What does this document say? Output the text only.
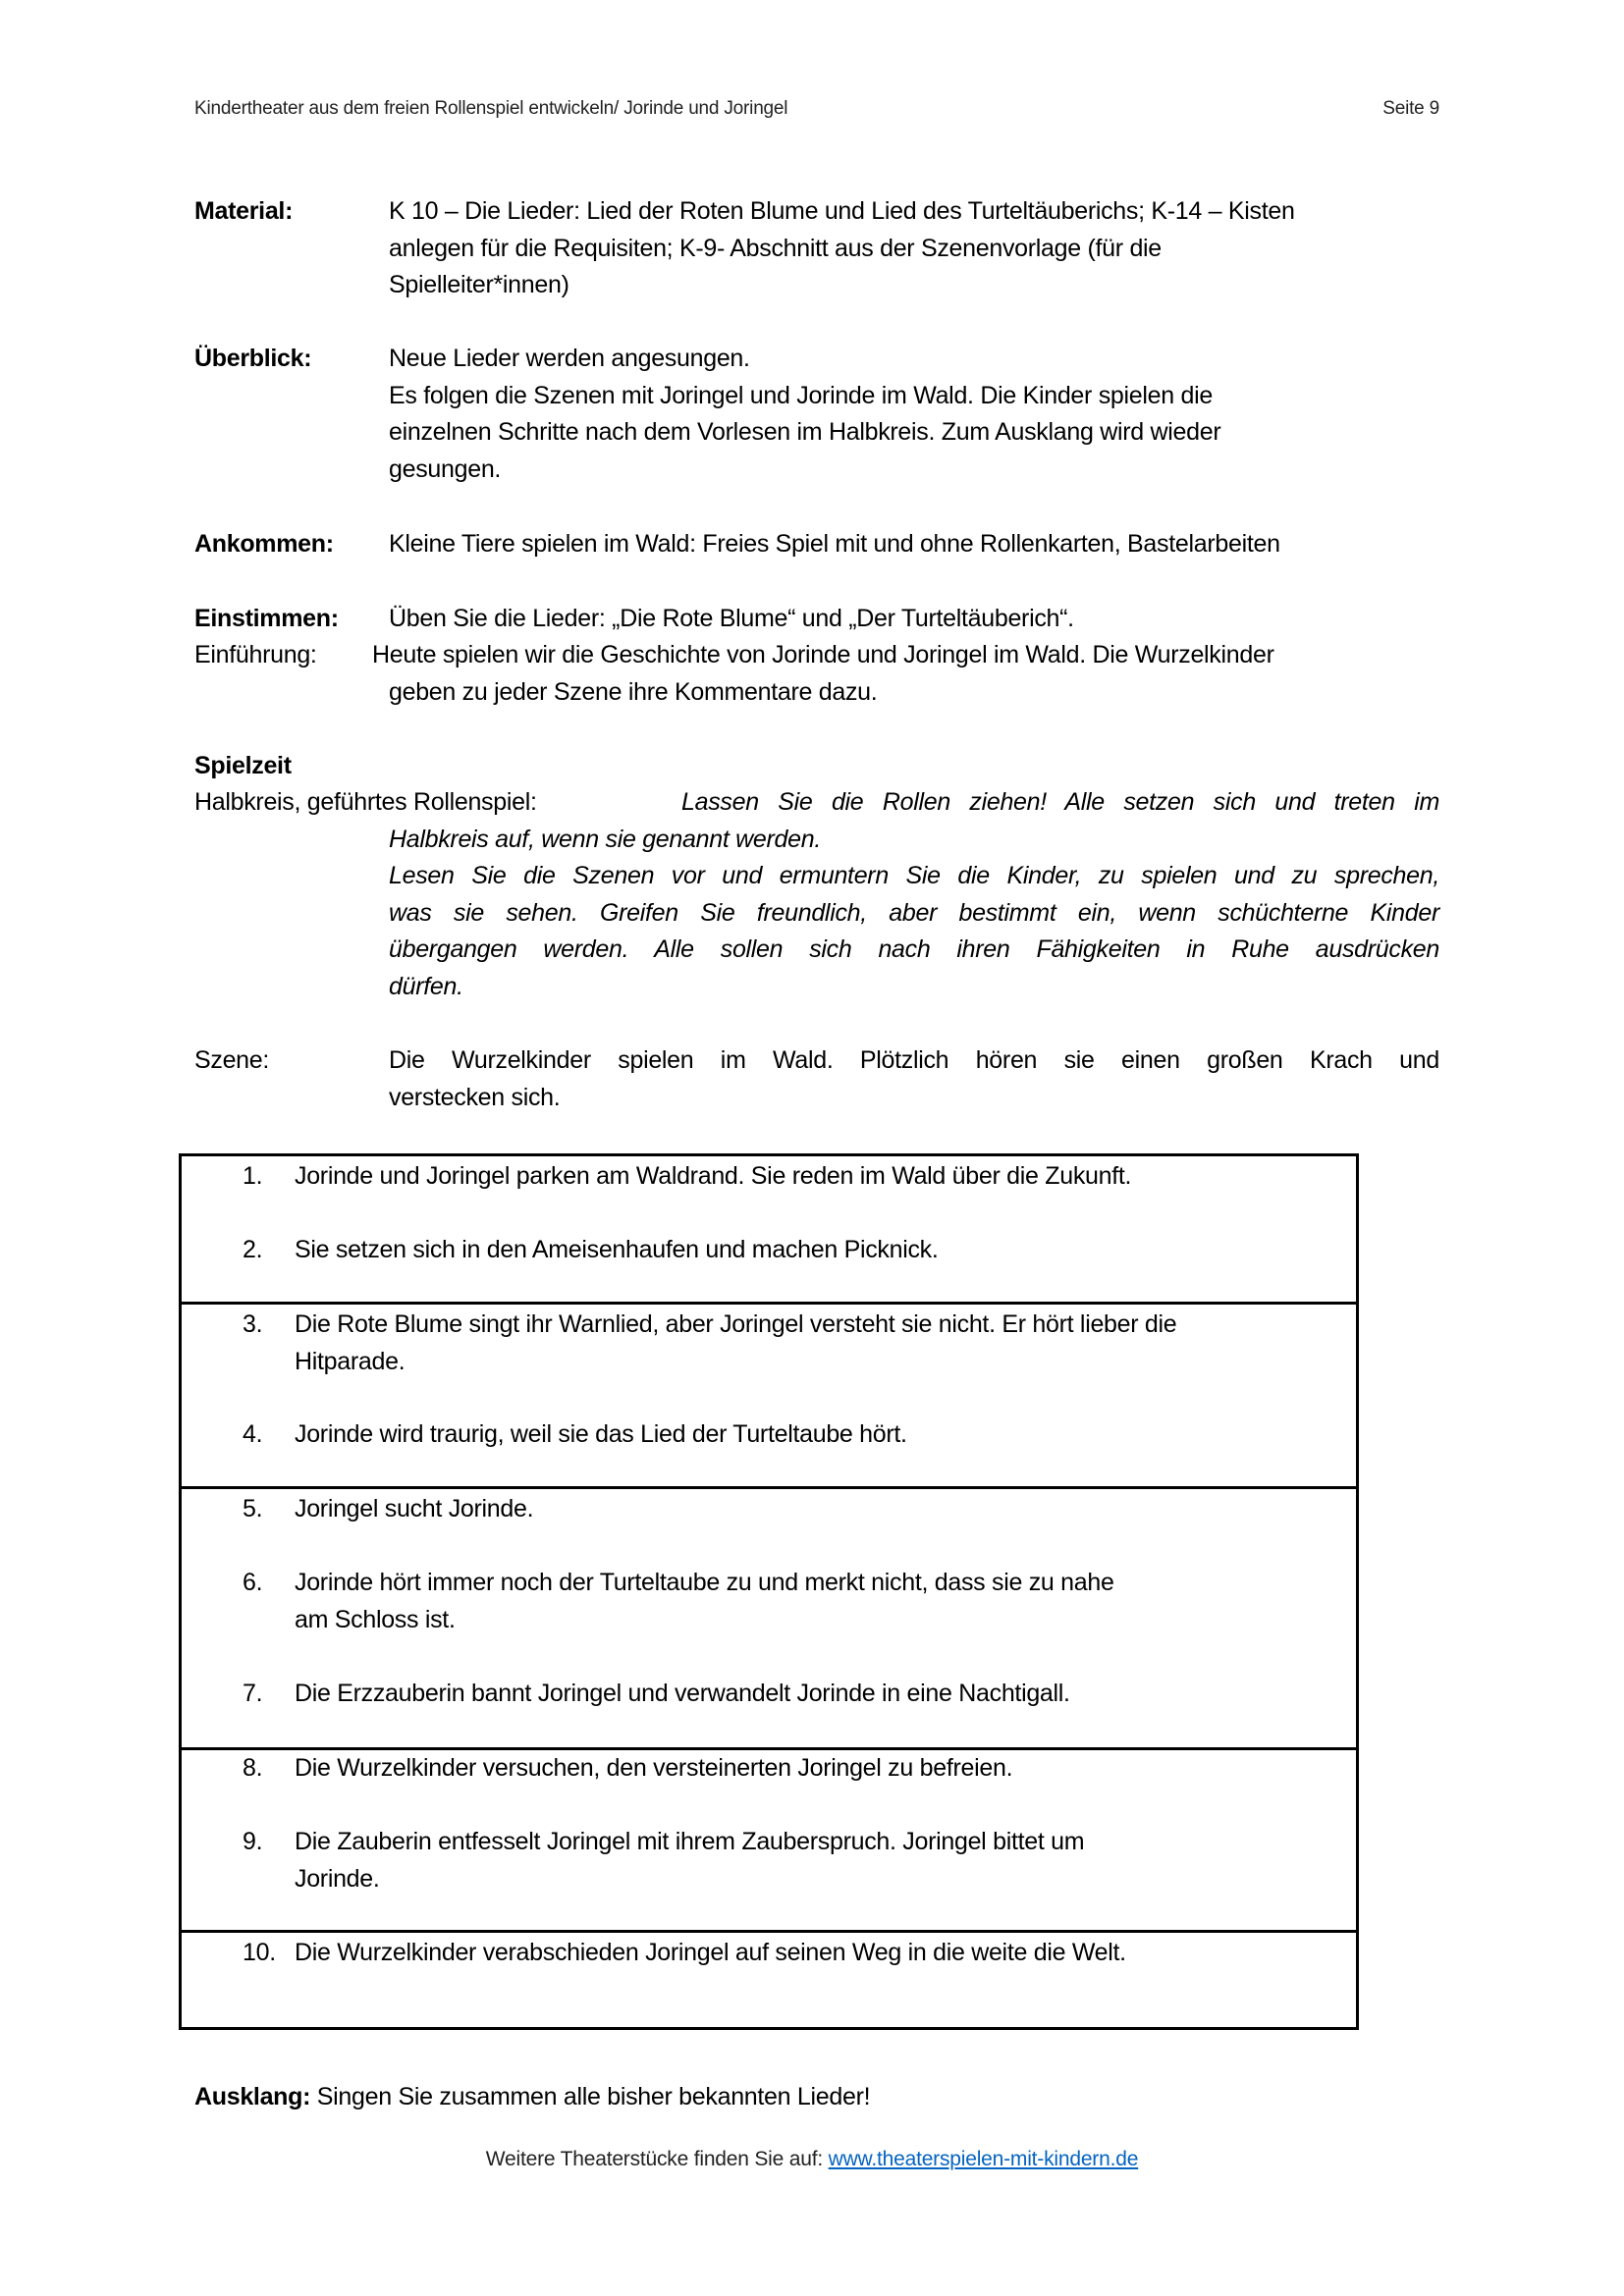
Kindertheater aus dem freien Rollenspiel entwickeln/ Jorinde und Joringel	Seite 9
Material:	K 10 – Die Lieder: Lied der Roten Blume und Lied des Turteltäuberichs; K-14 – Kisten
anlegen für die Requisiten; K-9- Abschnitt aus der Szenenvorlage (für die
Spielleiter*innen)
Überblick:	Neue Lieder werden angesungen.
Es folgen die Szenen mit Joringel und Jorinde im Wald. Die Kinder spielen die
einzelnen Schritte nach dem Vorlesen im Halbkreis. Zum Ausklang wird wieder
gesungen.
Ankommen: Kleine Tiere spielen im Wald: Freies Spiel mit und ohne Rollenkarten, Bastelarbeiten
Einstimmen: Üben Sie die Lieder: „Die Rote Blume“ und „Der Turteltäuberich“.
Einführung: Heute spielen wir die Geschichte von Jorinde und Joringel im Wald. Die Wurzelkinder
geben zu jeder Szene ihre Kommentare dazu.
Spielzeit
Halbkreis, geführtes Rollenspiel:	Lassen Sie die Rollen ziehen! Alle setzen sich und treten im
Halbkreis auf, wenn sie genannt werden.
Lesen Sie die Szenen vor und ermuntern Sie die Kinder, zu spielen und zu sprechen,
was sie sehen. Greifen Sie freundlich, aber bestimmt ein, wenn schüchterne Kinder
übergangen werden. Alle sollen sich nach ihren Fähigkeiten in Ruhe ausdrücken
dürfen.
Szene:	Die Wurzelkinder spielen im Wald. Plötzlich hören sie einen großen Krach und
verstecken sich.
1.	Jorinde und Joringel parken am Waldrand. Sie reden im Wald über die Zukunft.
2.	Sie setzen sich in den Ameisenhaufen und machen Picknick.
3.	Die Rote Blume singt ihr Warnlied, aber Joringel versteht sie nicht. Er hört lieber die
Hitparade.
4.	Jorinde wird traurig, weil sie das Lied der Turteltaube hört.
5.	Joringel sucht Jorinde.
6.	Jorinde hört immer noch der Turteltaube zu und merkt nicht, dass sie zu nahe
am Schloss ist.
7.	Die Erzzauberin bannt Joringel und verwandelt Jorinde in eine Nachtigall.
8.	Die Wurzelkinder versuchen, den versteinerten Joringel zu befreien.
9.	Die Zauberin entfesselt Joringel mit ihrem Zauberspruch. Joringel bittet um
Jorinde.
10. Die Wurzelkinder verabschieden Joringel auf seinen Weg in die weite die Welt.
Ausklang: Singen Sie zusammen alle bisher bekannten Lieder!
Weitere Theaterstücke finden Sie auf: www.theaterspielen-mit-kindern.de
